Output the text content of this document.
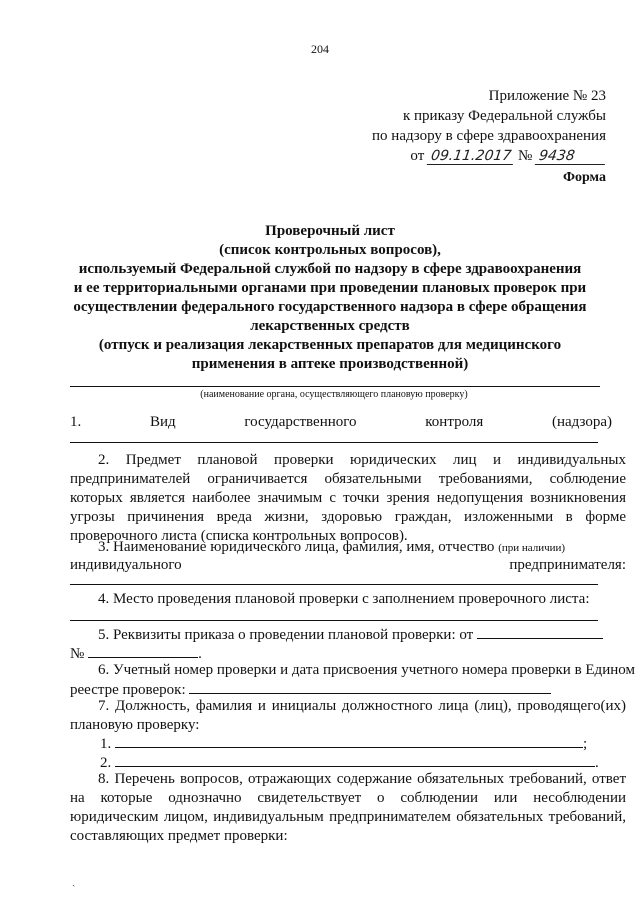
204
Приложение № 23
к приказу Федеральной службы
по надзору в сфере здравоохранения
от 09.11.2017 № 9438
Форма
Проверочный лист
(список контрольных вопросов),
используемый Федеральной службой по надзору в сфере здравоохранения
и ее территориальными органами при проведении плановых проверок при
осуществлении федерального государственного надзора в сфере обращения
лекарственных средств
(отпуск и реализация лекарственных препаратов для медицинского
применения в аптеке производственной)
(наименование органа, осуществляющего плановую проверку)
1.	Вид	государственного	контроля	(надзора)
2. Предмет плановой проверки юридических лиц и индивидуальных предпринимателей ограничивается обязательными требованиями, соблюдение которых является наиболее значимым с точки зрения недопущения возникновения угрозы причинения вреда жизни, здоровью граждан, изложенными в форме проверочного листа (списка контрольных вопросов).
3. Наименование юридического лица, фамилия, имя, отчество (при наличии)
индивидуального	предпринимателя:
4. Место проведения плановой проверки с заполнением проверочного листа:
5. Реквизиты приказа о проведении плановой проверки: от
№	.
6. Учетный номер проверки и дата присвоения учетного номера проверки в Едином
реестре проверок:
7. Должность, фамилия и инициалы должностного лица (лиц), проводящего(их) плановую проверку:
1.	;
2.	.
8. Перечень вопросов, отражающих содержание обязательных требований, ответ на которые однозначно свидетельствует о соблюдении или несоблюдении юридическим лицом, индивидуальным предпринимателем обязательных требований, составляющих предмет проверки:
ˎ
